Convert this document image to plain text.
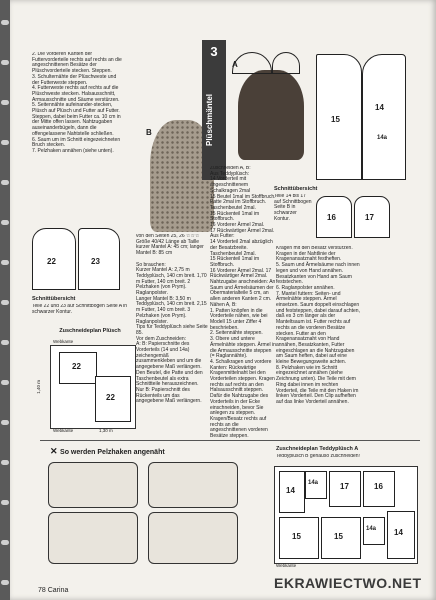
2. Die vorderen Kanten der Futtervorderteile rechts auf rechts an die angeschnittenen Besätze der Plüschvorderteile stecken. Steppen.
3. Schulternähte der Plüschweste und der Futterweste steppen.
4. Futterweste rechts auf rechts auf die Plüschweste stecken. Halsausschnitt, Armausschnitte und Säume verstürzen.
5. Seitennähte aufeinander-stecken, Plüsch auf Plüsch und Futter auf Futter. Steppen, dabei beim Futter ca. 10 cm in der Mitte offen lassen. Nahtzugaben auseinanderbügeln, dann die offengelassene Nahtstelle schließen.
6. Saum um im Schnitt eingezeichneten Bruch stecken.
7. Pelzhaken annähen (siehe unten).

22	23

Schnittübersicht

Teile 22 und 23 auf Schnittbogen Seite A in schwarzer Kontur.

Zuschneideplan Plüsch

Webkante
22
22
Webkante	1,30 m
1,40 m
B
3
Plüschmäntel
A
15
14
14a
16	17

Schnittübersicht

Teile 14 bis 17 auf Schnittbogen Seite B in schwarzer Kontur.

von den Seiten 25, 26 ☆☆☆ Größe 40/42 Länge ab Taille kurzer Mantel A: 45 cm; langer Mantel B: 85 cm

So brauchen:
Kurzer Mantel A: 2,75 m Teddyplüsch, 140 cm breit. 1,70 m Futter, 140 cm breit. 2 Pelzhaken (von Prym). Raglanpolster.
Langer Mantel B: 3,50 m Teddyplüsch, 140 cm breit. 2,15 m Futter, 140 cm breit. 3 Pelzhaken (von Prym). Raglanpolster.
Tips für Teddyplüsch siehe Seite 85.
Vor dem Zuschneiden:
A: B: Papierschnitte des Vorderteils (14 und 14a) zeichengemäß zusammenkleben und um die angegebene Maß verlängern. Den Beutel, die Patte und den Taschenbeutel als extra Schnittteile herauszeichnen.
Nur B: Papierschnitt des Rückenteils um das angegebene Maß verlängern.

Zuschneiden A, B:
Aus Teddyplüsch:
14 Vorderteil mit angeschnittenem Schalkragen 2mal
15 Beutel 1mal im Stoffbruch. Patte 2mal im Stoffbruch. Taschenbeutel 2mal.
15 Rückenteil 1mal im Stoffbruch.
16 Vorderer Ärmel 2mal.
17 Rückwärtiger Ärmel 2mal.
Aus Futter:
14 Vorderteil 2mal abzüglich der Besatzbreite. Taschenbeutel 2mal.
15 Rückenteil 1mal im Stoffbruch.
16 Vorderer Ärmel 2mal. 17 Rückwärtiger Ärmel 2mal. Nahtzugabe anschneiden: An Saum und Ärmelsäumen der Obermaterialteile 5 cm, an allen anderen Kanten 2 cm.
Nähen A, B:
1. Patten knöpfen in die Vorderteile nähen, wie bei Modell 15 unter Ziffer 4 beschrieben.
2. Seitennähte steppen.
3. Obere und untere Ärmelnähte steppen. Ärmel in die Armausschnitte steppen (= Raglannähte).
4. Schalkragen und vordere Kanten: Rückwärtige Kragenmittelnaht bei den Vorderteilen steppen. Kragen rechts auf rechts an den Halsausschnitt steppen. Dafür die Nahtzugabe des Vorderteils in der Ecke einschneiden, bevor Sie anlegen zu steppen. Kragen/Besatz rechts auf rechts an die angeschnittenen vorderen Besätze steppen.

Kragen mit den Besatz verstürzen. Kragen in der Nahtlinie der Kragenansatznaht festheften.
5. Saum und Ärmelsäume nach innen legen und von Hand annähen. Besatzkanten von Hand am Saum feststechen.
6. Raglanpolster annähen.
7. Mantel futtern: Seiten- und Ärmelnähte steppen. Ärmel einsetzen. Saum doppelt einschlagen und feststeppen, dabei darauf achten, daß es 3 cm länger als der Manteltsaum ist. Futter rechts auf rechts an die vorderen Besätze stecken. Futter an den Kragenansatznaht von Hand annähen, Besatzkanten, Futter eingeschlagen an die Nahtzugaben am Saum heften, dabei auf eine kleine Bewegungsweite achten.
8. Pelzhaken wie im Schnitt eingezeichnet annähen (siehe Zeichnung unten). Die Teile mit dem Ring dabei innen im rechten Vorderteil, die Teile mit den Haken im linken Vorderteil. Den Clip aufheften auf das linke Vorderteil annähen.

✕ So werden Pelzhaken angenäht	Zuschneideplan Teddyplüsch A

Teddyplüsch B genauso zuschneiden!

14
14a	17	16
15	15
14a 14
Webkante

78 Carina	EKRAWIECTWO.NET
